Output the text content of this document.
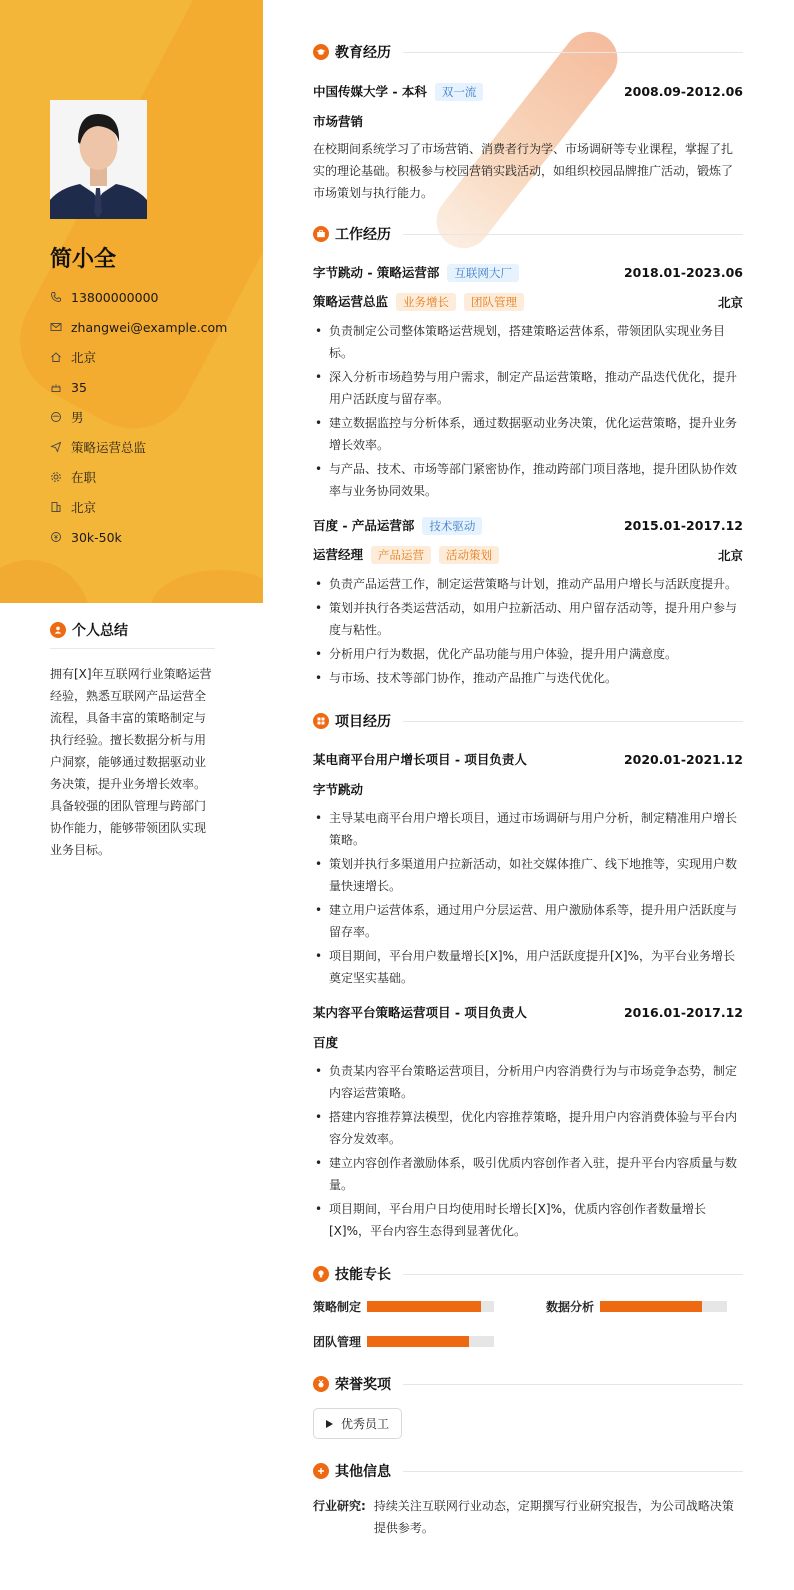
简小全
13800000000
zhangwei@example.com
北京
35
男
策略运营总监
在职
北京
30k-50k
个人总结
拥有[X]年互联网行业策略运营经验，熟悉互联网产品运营全流程，具备丰富的策略制定与执行经验。擅长数据分析与用户洞察，能够通过数据驱动业务决策，提升业务增长效率。具备较强的团队管理与跨部门协作能力，能够带领团队实现业务目标。
教育经历
中国传媒大学 - 本科 双一流	2008.09-2012.06
市场营销

在校期间系统学习了市场营销、消费者行为学、市场调研等专业课程，掌握了扎实的理论基础。积极参与校园营销实践活动，如组织校园品牌推广活动，锻炼了市场策划与执行能力。

工作经历
字节跳动 - 策略运营部 互联网大厂	2018.01-2023.06
策略运营总监 业务增长 团队管理	北京
• 负责制定公司整体策略运营规划，搭建策略运营体系，带领团队实现业务目标。
• 深入分析市场趋势与用户需求，制定产品运营策略，推动产品迭代优化，提升用户活跃度与留存率。
• 建立数据监控与分析体系，通过数据驱动业务决策，优化运营策略，提升业务增长效率。
• 与产品、技术、市场等部门紧密协作，推动跨部门项目落地，提升团队协作效率与业务协同效果。
百度 - 产品运营部 技术驱动	2015.01-2017.12
运营经理 产品运营 活动策划	北京
• 负责产品运营工作，制定运营策略与计划，推动产品用户增长与活跃度提升。
• 策划并执行各类运营活动，如用户拉新活动、用户留存活动等，提升用户参与度与粘性。
• 分析用户行为数据，优化产品功能与用户体验，提升用户满意度。
• 与市场、技术等部门协作，推动产品推广与迭代优化。
项目经历
某电商平台用户增长项目 - 项目负责人	2020.01-2021.12
字节跳动
• 主导某电商平台用户增长项目，通过市场调研与用户分析，制定精准用户增长策略。
• 策划并执行多渠道用户拉新活动，如社交媒体推广、线下地推等，实现用户数量快速增长。
• 建立用户运营体系，通过用户分层运营、用户激励体系等，提升用户活跃度与留存率。
• 项目期间，平台用户数量增长[X]%，用户活跃度提升[X]%，为平台业务增长奠定坚实基础。
某内容平台策略运营项目 - 项目负责人	2016.01-2017.12
百度
• 负责某内容平台策略运营项目，分析用户内容消费行为与市场竞争态势，制定内容运营策略。
• 搭建内容推荐算法模型，优化内容推荐策略，提升用户内容消费体验与平台内容分发效率。
• 建立内容创作者激励体系，吸引优质内容创作者入驻，提升平台内容质量与数量。
• 项目期间，平台用户日均使用时长增长[X]%，优质内容创作者数量增长[X]%，平台内容生态得到显著优化。
技能专长
策略制定	数据分析
团队管理
荣誉奖项
优秀员工
其他信息
行业研究: 持续关注互联网行业动态，定期撰写行业研究报告，为公司战略决策提供参考。
